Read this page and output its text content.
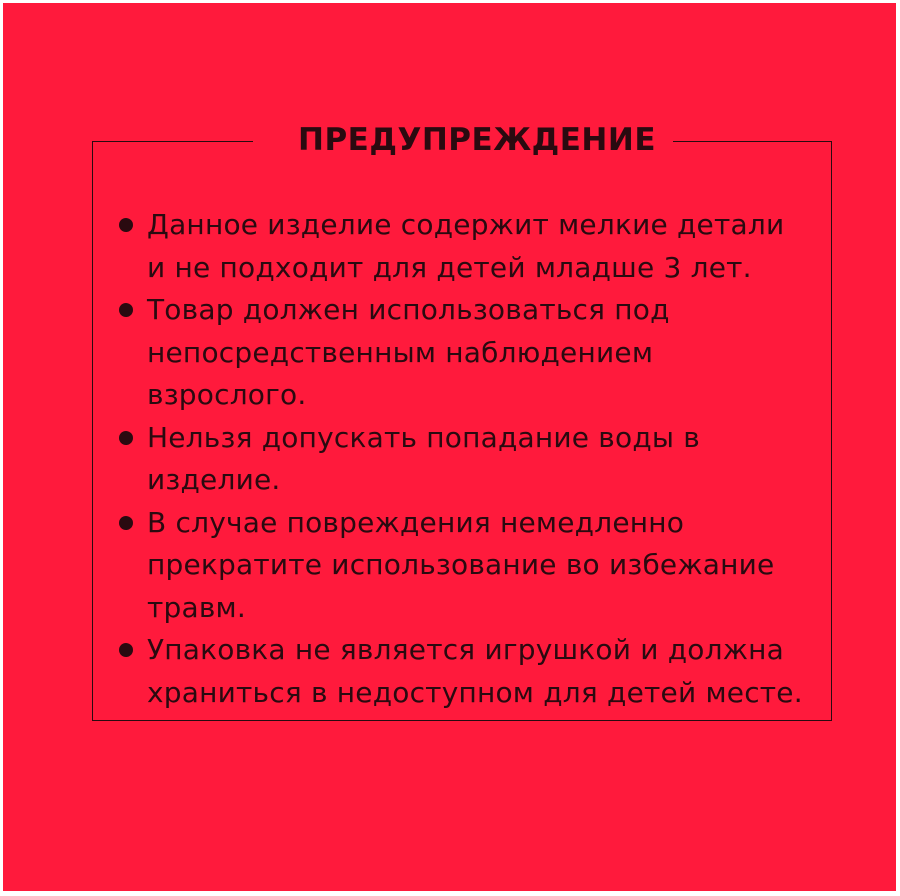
ПРЕДУПРЕЖДЕНИЕ
Данное изделие содержит мелкие детали
и не подходит для детей младше 3 лет.
Товар должен использоваться под
непосредственным наблюдением
взрослого.
Нельзя допускать попадание воды в изделие.
В случае повреждения немедленно
прекратите использование во избежание
травм.
Упаковка не является игрушкой и должна
храниться в недоступном для детей месте.
